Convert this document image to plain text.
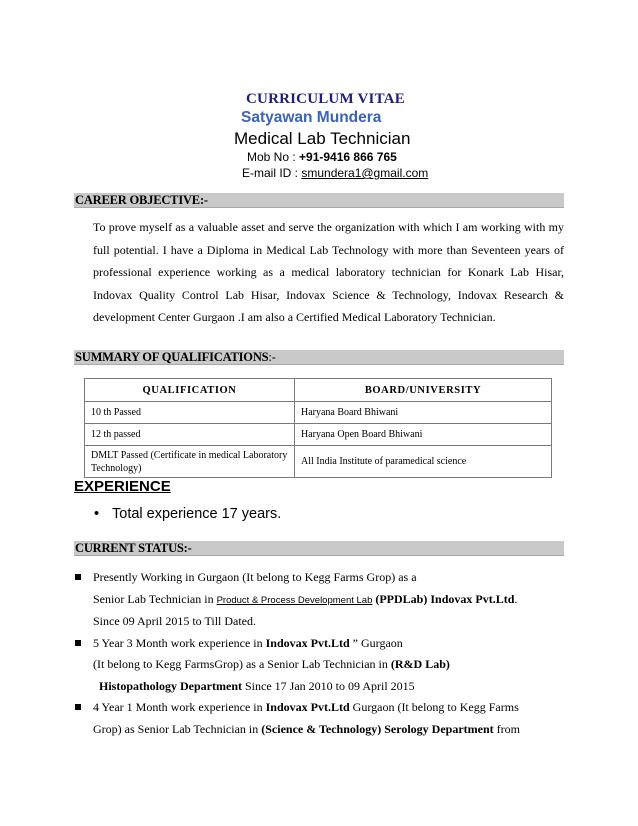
CURRICULUM VITAE
Satyawan Mundera
Medical Lab Technician
Mob No : +91-9416 866 765
E-mail ID : smundera1@gmail.com
CAREER OBJECTIVE:-
To prove myself as a valuable asset and serve the organization with which I am working with my full potential. I have a Diploma in Medical Lab Technology with more than Seventeen years of professional experience working as a medical laboratory technician for Konark Lab Hisar, Indovax Quality Control Lab Hisar, Indovax Science & Technology, Indovax Research & development Center Gurgaon .I am also a Certified Medical Laboratory Technician.
SUMMARY OF QUALIFICATIONS:-
QUALIFICATION	BOARD/UNIVERSITY
10 th Passed	Haryana Board Bhiwani
12 th passed	Haryana Open Board Bhiwani
DMLT Passed (Certificate in medical Laboratory Technology)	All India Institute of paramedical science
EXPERIENCE
• Total experience 17 years.
CURRENT STATUS:-
Presently Working in Gurgaon (It belong to Kegg Farms Grop) as a
Senior Lab Technician in Product & Process Development Lab (PPDLab) Indovax Pvt.Ltd.
Since 09 April 2015 to Till Dated.
5 Year 3 Month work experience in Indovax Pvt.Ltd ” Gurgaon
(It belong to Kegg FarmsGrop) as a Senior Lab Technician in (R&D Lab)
Histopathology Department Since 17 Jan 2010 to 09 April 2015
4 Year 1 Month work experience in Indovax Pvt.Ltd Gurgaon (It belong to Kegg Farms
Grop) as Senior Lab Technician in (Science & Technology) Serology Department from
